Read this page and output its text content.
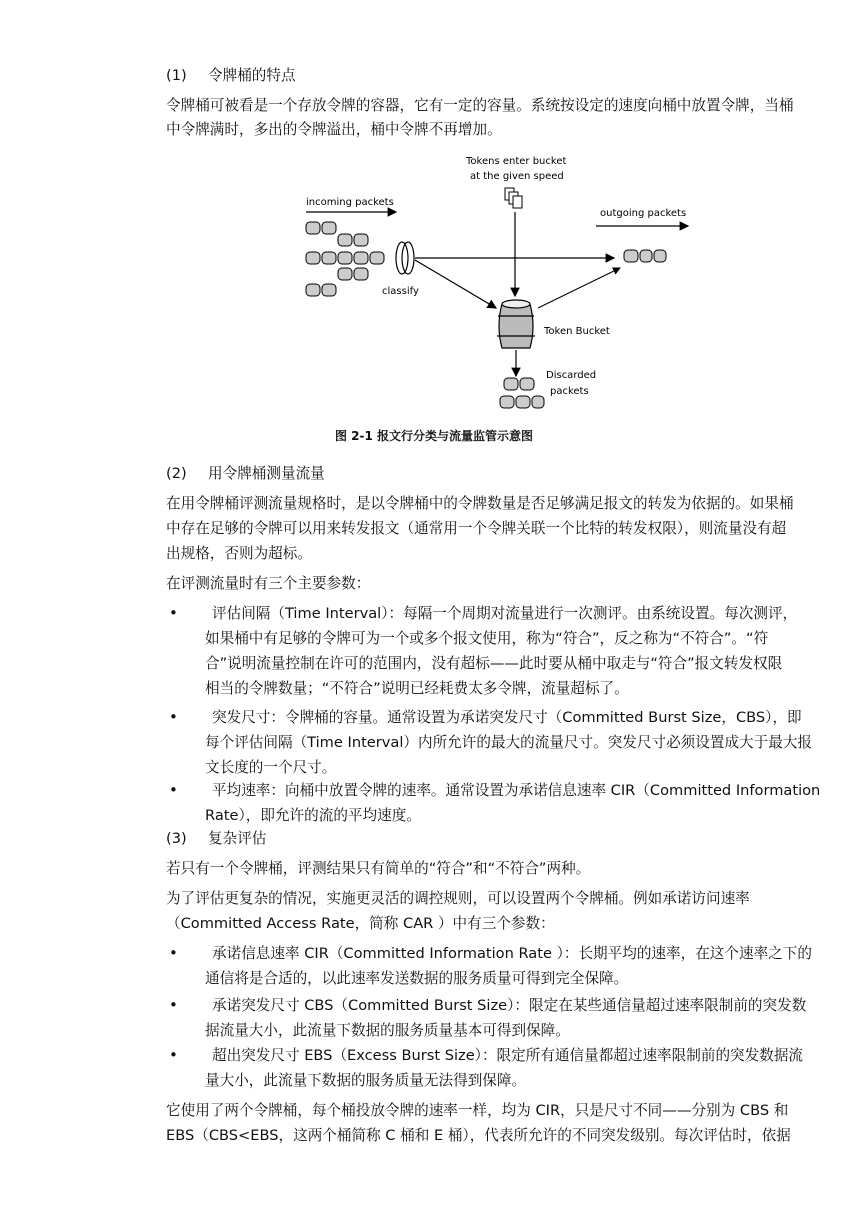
(1) 令牌桶的特点
令牌桶可被看是一个存放令牌的容器，它有一定的容量。系统按设定的速度向桶中放置令牌，当桶
中令牌满时，多出的令牌溢出，桶中令牌不再增加。
Tokens enter bucket
at the given speed
incoming packets
classify
outgoing packets
Token Bucket
Discarded
packets
图 2-1 报文行分类与流量监管示意图
(2) 用令牌桶测量流量
在用令牌桶评测流量规格时，是以令牌桶中的令牌数量是否足够满足报文的转发为依据的。如果桶
中存在足够的令牌可以用来转发报文（通常用一个令牌关联一个比特的转发权限），则流量没有超
出规格，否则为超标。
在评测流量时有三个主要参数：
• 评估间隔（Time Interval）：每隔一个周期对流量进行一次测评。由系统设置。每次测评，
如果桶中有足够的令牌可为一个或多个报文使用，称为“符合”，反之称为“不符合”。“符
合”说明流量控制在许可的范围内，没有超标——此时要从桶中取走与“符合”报文转发权限
相当的令牌数量；“不符合”说明已经耗费太多令牌，流量超标了。
• 突发尺寸：令牌桶的容量。通常设置为承诺突发尺寸（Committed Burst Size，CBS），即
每个评估间隔（Time Interval）内所允许的最大的流量尺寸。突发尺寸必须设置成大于最大报
文长度的一个尺寸。
• 平均速率：向桶中放置令牌的速率。通常设置为承诺信息速率 CIR（Committed Information
Rate），即允许的流的平均速度。
(3) 复杂评估
若只有一个令牌桶，评测结果只有简单的“符合”和“不符合”两种。
为了评估更复杂的情况，实施更灵活的调控规则，可以设置两个令牌桶。例如承诺访问速率
（Committed Access Rate，简称 CAR ）中有三个参数：
• 承诺信息速率 CIR（Committed Information Rate ）：长期平均的速率，在这个速率之下的
通信将是合适的，以此速率发送数据的服务质量可得到完全保障。
• 承诺突发尺寸 CBS（Committed Burst Size）：限定在某些通信量超过速率限制前的突发数
据流量大小，此流量下数据的服务质量基本可得到保障。
• 超出突发尺寸 EBS（Excess Burst Size）：限定所有通信量都超过速率限制前的突发数据流
量大小，此流量下数据的服务质量无法得到保障。
它使用了两个令牌桶，每个桶投放令牌的速率一样，均为 CIR，只是尺寸不同——分别为 CBS 和
EBS（CBS<EBS，这两个桶简称 C 桶和 E 桶），代表所允许的不同突发级别。每次评估时，依据
